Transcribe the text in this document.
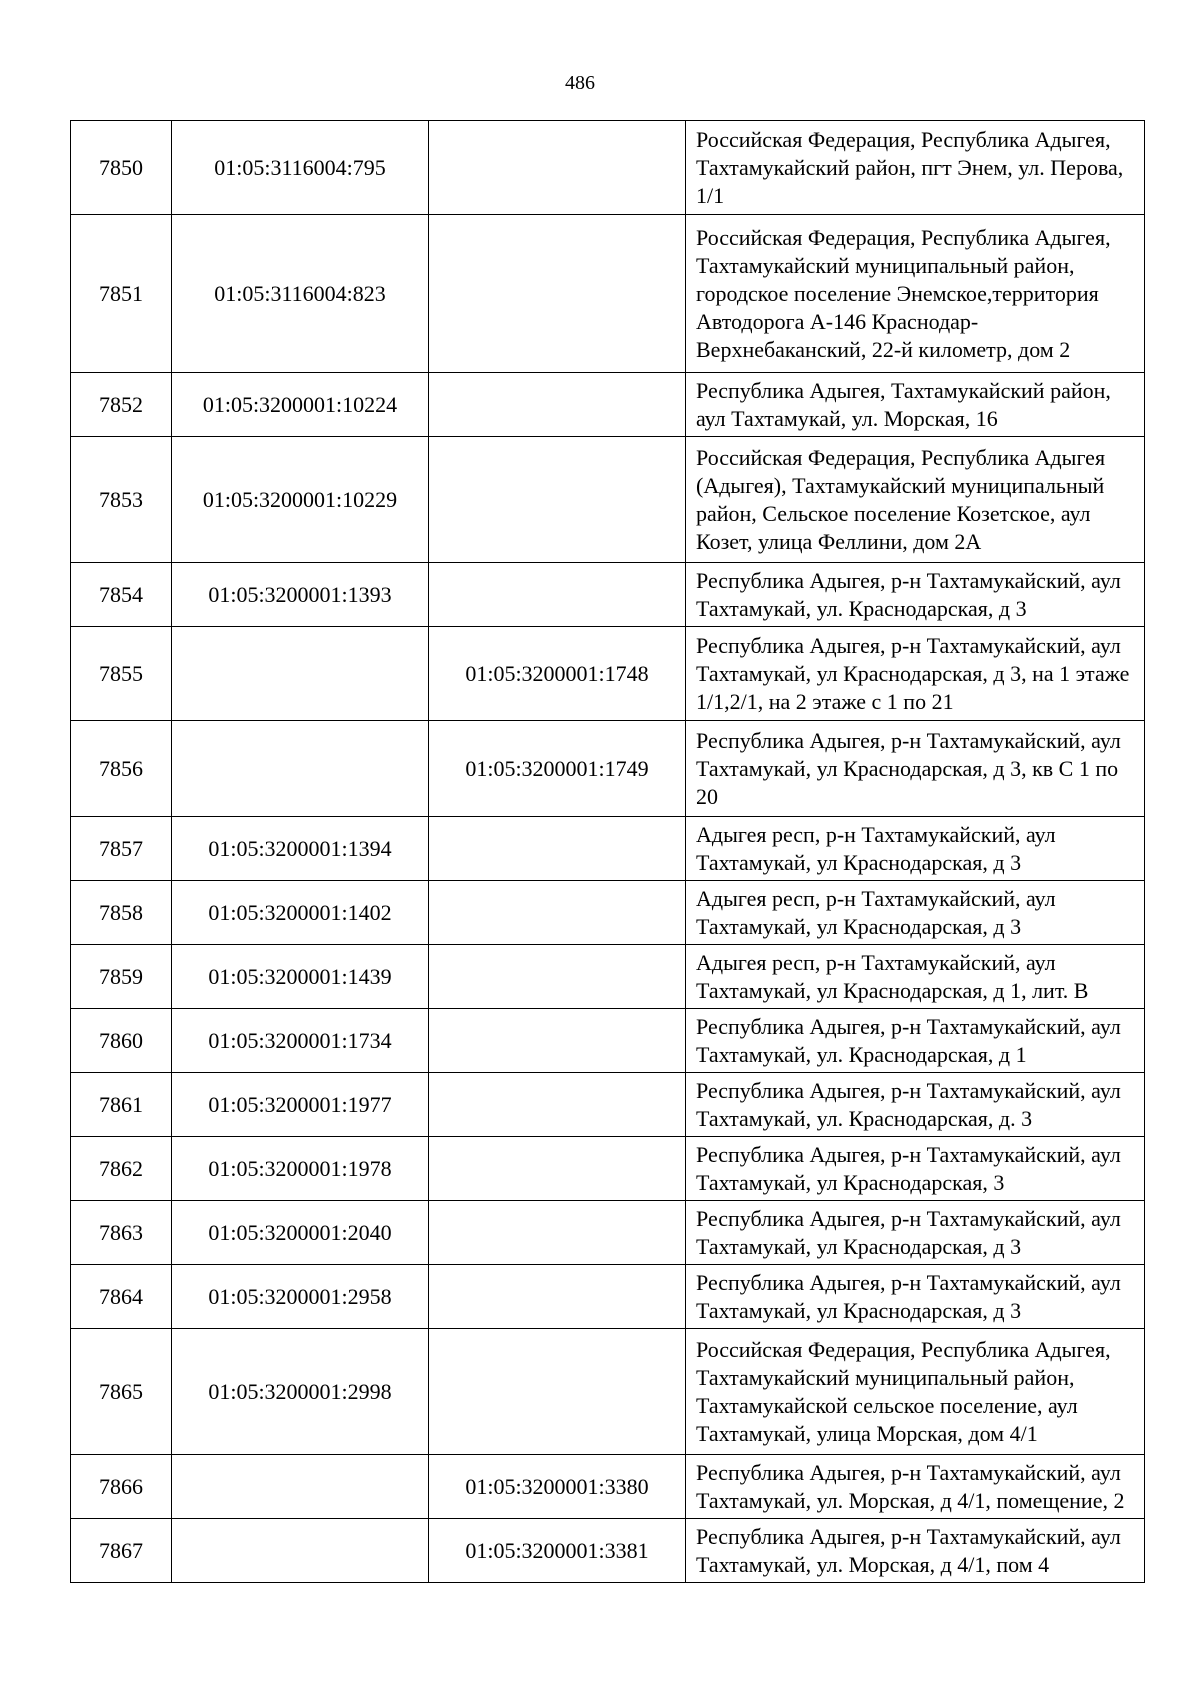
486
7850	01:05:3116004:795		Российская Федерация, Республика Адыгея, Тахтамукайский район, пгт Энем, ул. Перова, 1/1
7851	01:05:3116004:823		Российская Федерация, Республика Адыгея, Тахтамукайский муниципальный район, городское поселение Энемское,территория Автодорога А-146 Краснодар-Верхнебаканский, 22-й километр, дом 2
7852	01:05:3200001:10224		Республика Адыгея, Тахтамукайский район, аул Тахтамукай, ул. Морская, 16
7853	01:05:3200001:10229		Российская Федерация, Республика Адыгея (Адыгея), Тахтамукайский муниципальный район, Сельское поселение Козетское, аул Козет, улица Феллини, дом 2А
7854	01:05:3200001:1393		Республика Адыгея, р-н Тахтамукайский, аул Тахтамукай, ул. Краснодарская, д 3
7855		01:05:3200001:1748	Республика Адыгея, р-н Тахтамукайский, аул Тахтамукай, ул Краснодарская, д 3, на 1 этаже 1/1,2/1, на 2 этаже с 1 по 21
7856		01:05:3200001:1749	Республика Адыгея, р-н Тахтамукайский, аул Тахтамукай, ул Краснодарская, д 3, кв С 1 по 20
7857	01:05:3200001:1394		Адыгея респ, р-н Тахтамукайский, аул Тахтамукай, ул Краснодарская, д 3
7858	01:05:3200001:1402		Адыгея респ, р-н Тахтамукайский, аул Тахтамукай, ул Краснодарская, д 3
7859	01:05:3200001:1439		Адыгея респ, р-н Тахтамукайский, аул Тахтамукай, ул Краснодарская, д 1, лит. В
7860	01:05:3200001:1734		Республика Адыгея, р-н Тахтамукайский, аул Тахтамукай, ул. Краснодарская, д 1
7861	01:05:3200001:1977		Республика Адыгея, р-н Тахтамукайский, аул Тахтамукай, ул. Краснодарская, д. 3
7862	01:05:3200001:1978		Республика Адыгея, р-н Тахтамукайский, аул Тахтамукай, ул Краснодарская, 3
7863	01:05:3200001:2040		Республика Адыгея, р-н Тахтамукайский, аул Тахтамукай, ул Краснодарская, д 3
7864	01:05:3200001:2958		Республика Адыгея, р-н Тахтамукайский, аул Тахтамукай, ул Краснодарская, д 3
7865	01:05:3200001:2998		Российская Федерация, Республика Адыгея, Тахтамукайский муниципальный район, Тахтамукайской сельское поселение, аул Тахтамукай, улица Морская, дом 4/1
7866		01:05:3200001:3380	Республика Адыгея, р-н Тахтамукайский, аул Тахтамукай, ул. Морская, д 4/1, помещение, 2
7867		01:05:3200001:3381	Республика Адыгея, р-н Тахтамукайский, аул Тахтамукай, ул. Морская, д 4/1, пом 4
